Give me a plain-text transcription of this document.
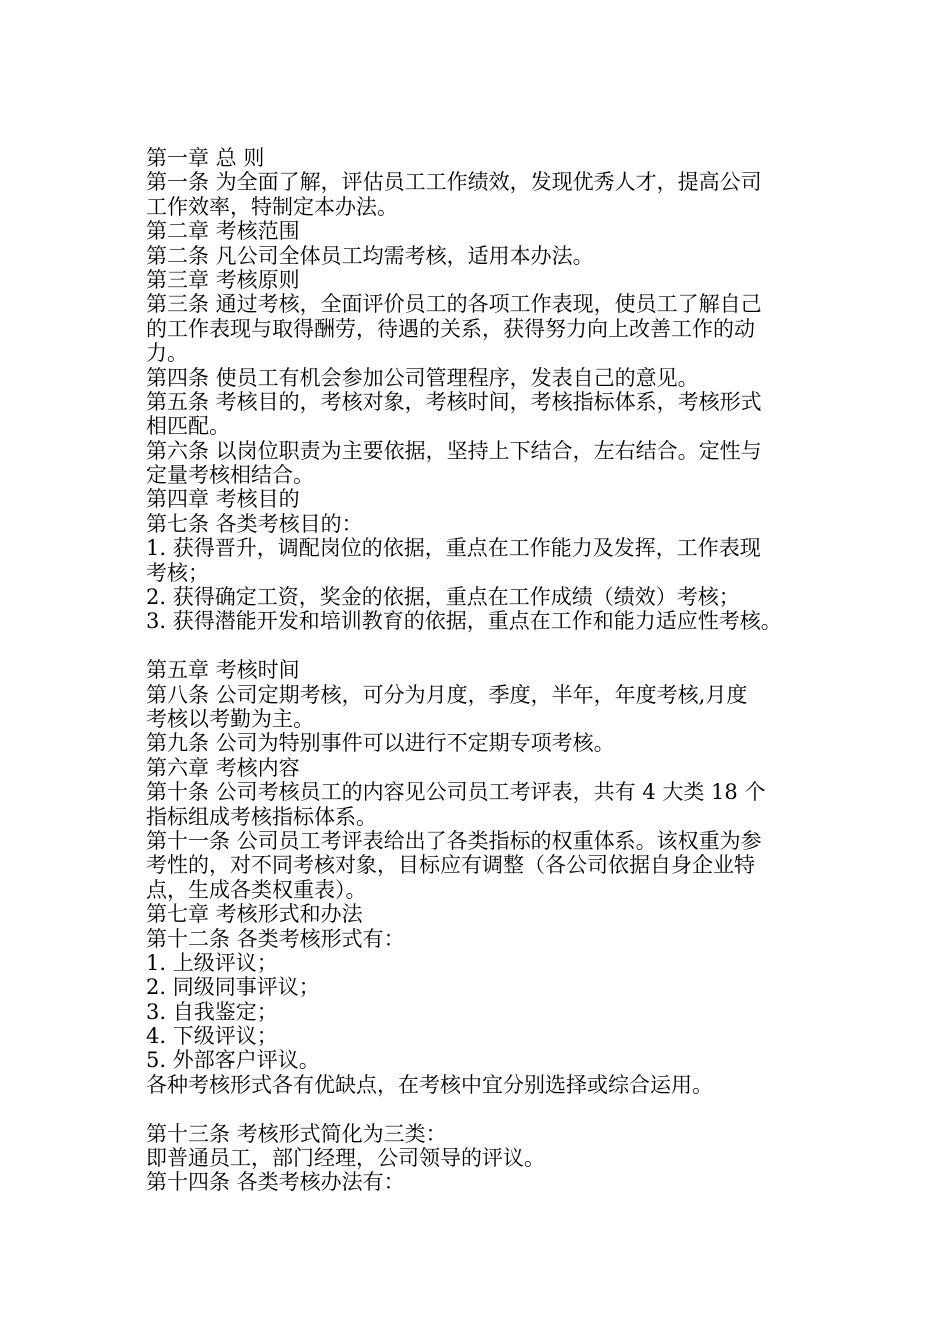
第一章 总 则
第一条 为全面了解，评估员工工作绩效，发现优秀人才，提高公司
工作效率，特制定本办法。
第二章 考核范围
第二条 凡公司全体员工均需考核，适用本办法。
第三章 考核原则
第三条 通过考核，全面评价员工的各项工作表现，使员工了解自己
的工作表现与取得酬劳，待遇的关系，获得努力向上改善工作的动
力。
第四条 使员工有机会参加公司管理程序，发表自己的意见。
第五条 考核目的，考核对象，考核时间，考核指标体系，考核形式
相匹配。
第六条 以岗位职责为主要依据，坚持上下结合，左右结合。定性与
定量考核相结合。
第四章 考核目的
第七条 各类考核目的：
1. 获得晋升，调配岗位的依据，重点在工作能力及发挥，工作表现
考核；
2. 获得确定工资，奖金的依据，重点在工作成绩（绩效）考核；
3. 获得潜能开发和培训教育的依据，重点在工作和能力适应性考核。
第五章 考核时间
第八条 公司定期考核，可分为月度，季度，半年，年度考核,月度
考核以考勤为主。
第九条 公司为特别事件可以进行不定期专项考核。
第六章 考核内容
第十条 公司考核员工的内容见公司员工考评表，共有 4 大类 18 个
指标组成考核指标体系。
第十一条 公司员工考评表给出了各类指标的权重体系。该权重为参
考性的，对不同考核对象，目标应有调整（各公司依据自身企业特
点，生成各类权重表）。
第七章 考核形式和办法
第十二条 各类考核形式有：
1. 上级评议；
2. 同级同事评议；
3. 自我鉴定；
4. 下级评议；
5. 外部客户评议。
各种考核形式各有优缺点，在考核中宜分别选择或综合运用。
第十三条 考核形式简化为三类：
即普通员工，部门经理，公司领导的评议。
第十四条 各类考核办法有：
